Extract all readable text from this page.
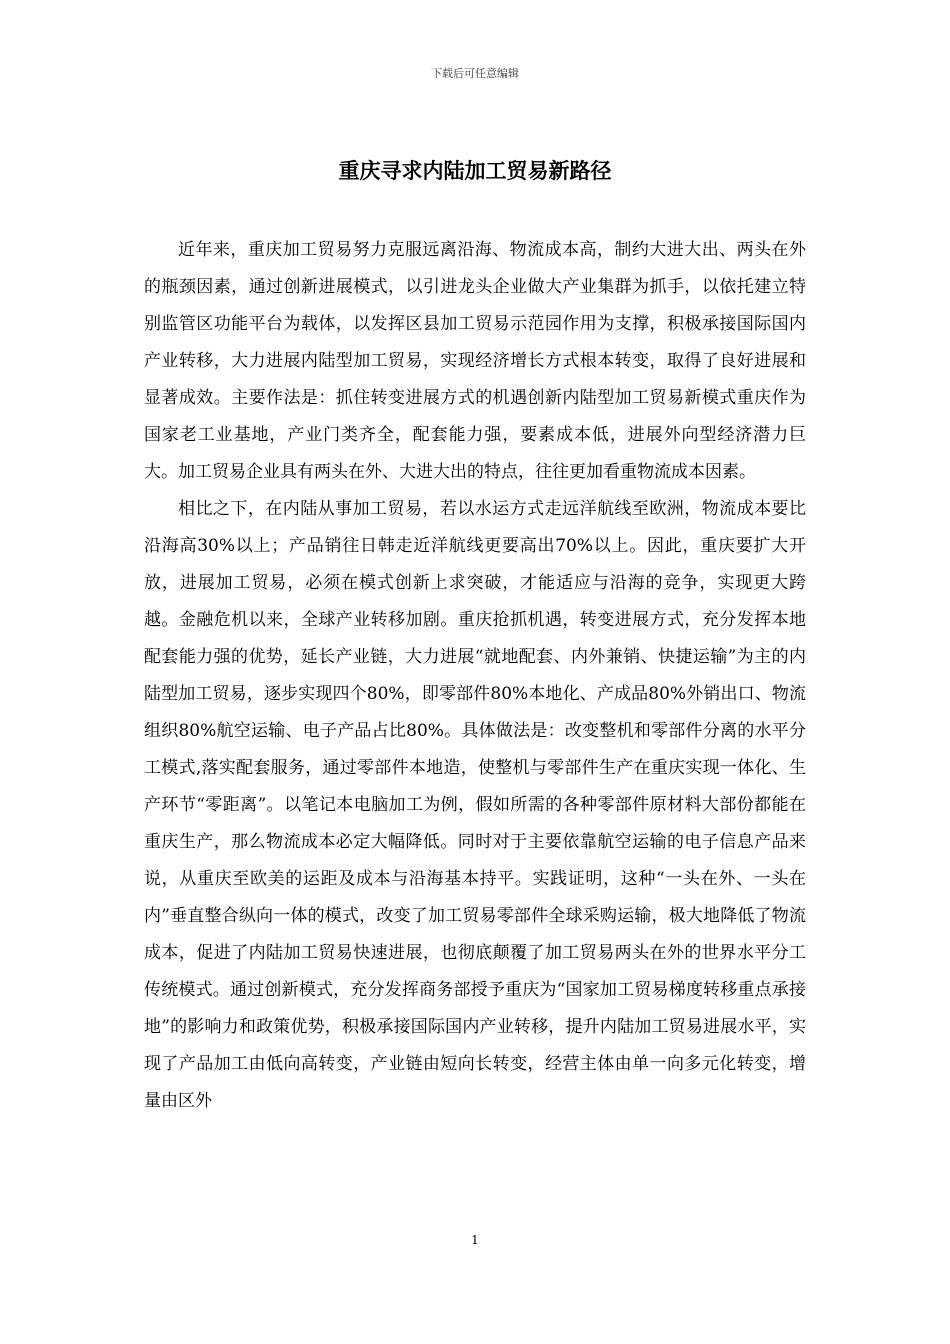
下载后可任意编辑
重庆寻求内陆加工贸易新路径

近年来，重庆加工贸易努力克服远离沿海、物流成本高，制约大进大出、两头在外的瓶颈因素，通过创新进展模式，以引进龙头企业做大产业集群为抓手，以依托建立特别监管区功能平台为载体，以发挥区县加工贸易示范园作用为支撑，积极承接国际国内产业转移，大力进展内陆型加工贸易，实现经济增长方式根本转变，取得了良好进展和显著成效。主要作法是：抓住转变进展方式的机遇创新内陆型加工贸易新模式重庆作为国家老工业基地，产业门类齐全，配套能力强，要素成本低，进展外向型经济潜力巨大。加工贸易企业具有两头在外、大进大出的特点，往往更加看重物流成本因素。

相比之下，在内陆从事加工贸易，若以水运方式走远洋航线至欧洲，物流成本要比沿海高30%以上；产品销往日韩走近洋航线更要高出70%以上。因此，重庆要扩大开放，进展加工贸易，必须在模式创新上求突破，才能适应与沿海的竞争，实现更大跨越。金融危机以来，全球产业转移加剧。重庆抢抓机遇，转变进展方式，充分发挥本地配套能力强的优势，延长产业链，大力进展“就地配套、内外兼销、快捷运输”为主的内陆型加工贸易，逐步实现四个80%，即零部件80%本地化、产成品80%外销出口、物流组织80%航空运输、电子产品占比80%。具体做法是：改变整机和零部件分离的水平分工模式,落实配套服务，通过零部件本地造，使整机与零部件生产在重庆实现一体化、生产环节“零距离”。以笔记本电脑加工为例，假如所需的各种零部件原材料大部份都能在重庆生产，那么物流成本必定大幅降低。同时对于主要依靠航空运输的电子信息产品来说，从重庆至欧美的运距及成本与沿海基本持平。实践证明，这种“一头在外、一头在内”垂直整合纵向一体的模式，改变了加工贸易零部件全球采购运输，极大地降低了物流成本，促进了内陆加工贸易快速进展，也彻底颠覆了加工贸易两头在外的世界水平分工传统模式。通过创新模式，充分发挥商务部授予重庆为“国家加工贸易梯度转移重点承接地”的影响力和政策优势，积极承接国际国内产业转移，提升内陆加工贸易进展水平，实现了产品加工由低向高转变，产业链由短向长转变，经营主体由单一向多元化转变，增量由区外

1
